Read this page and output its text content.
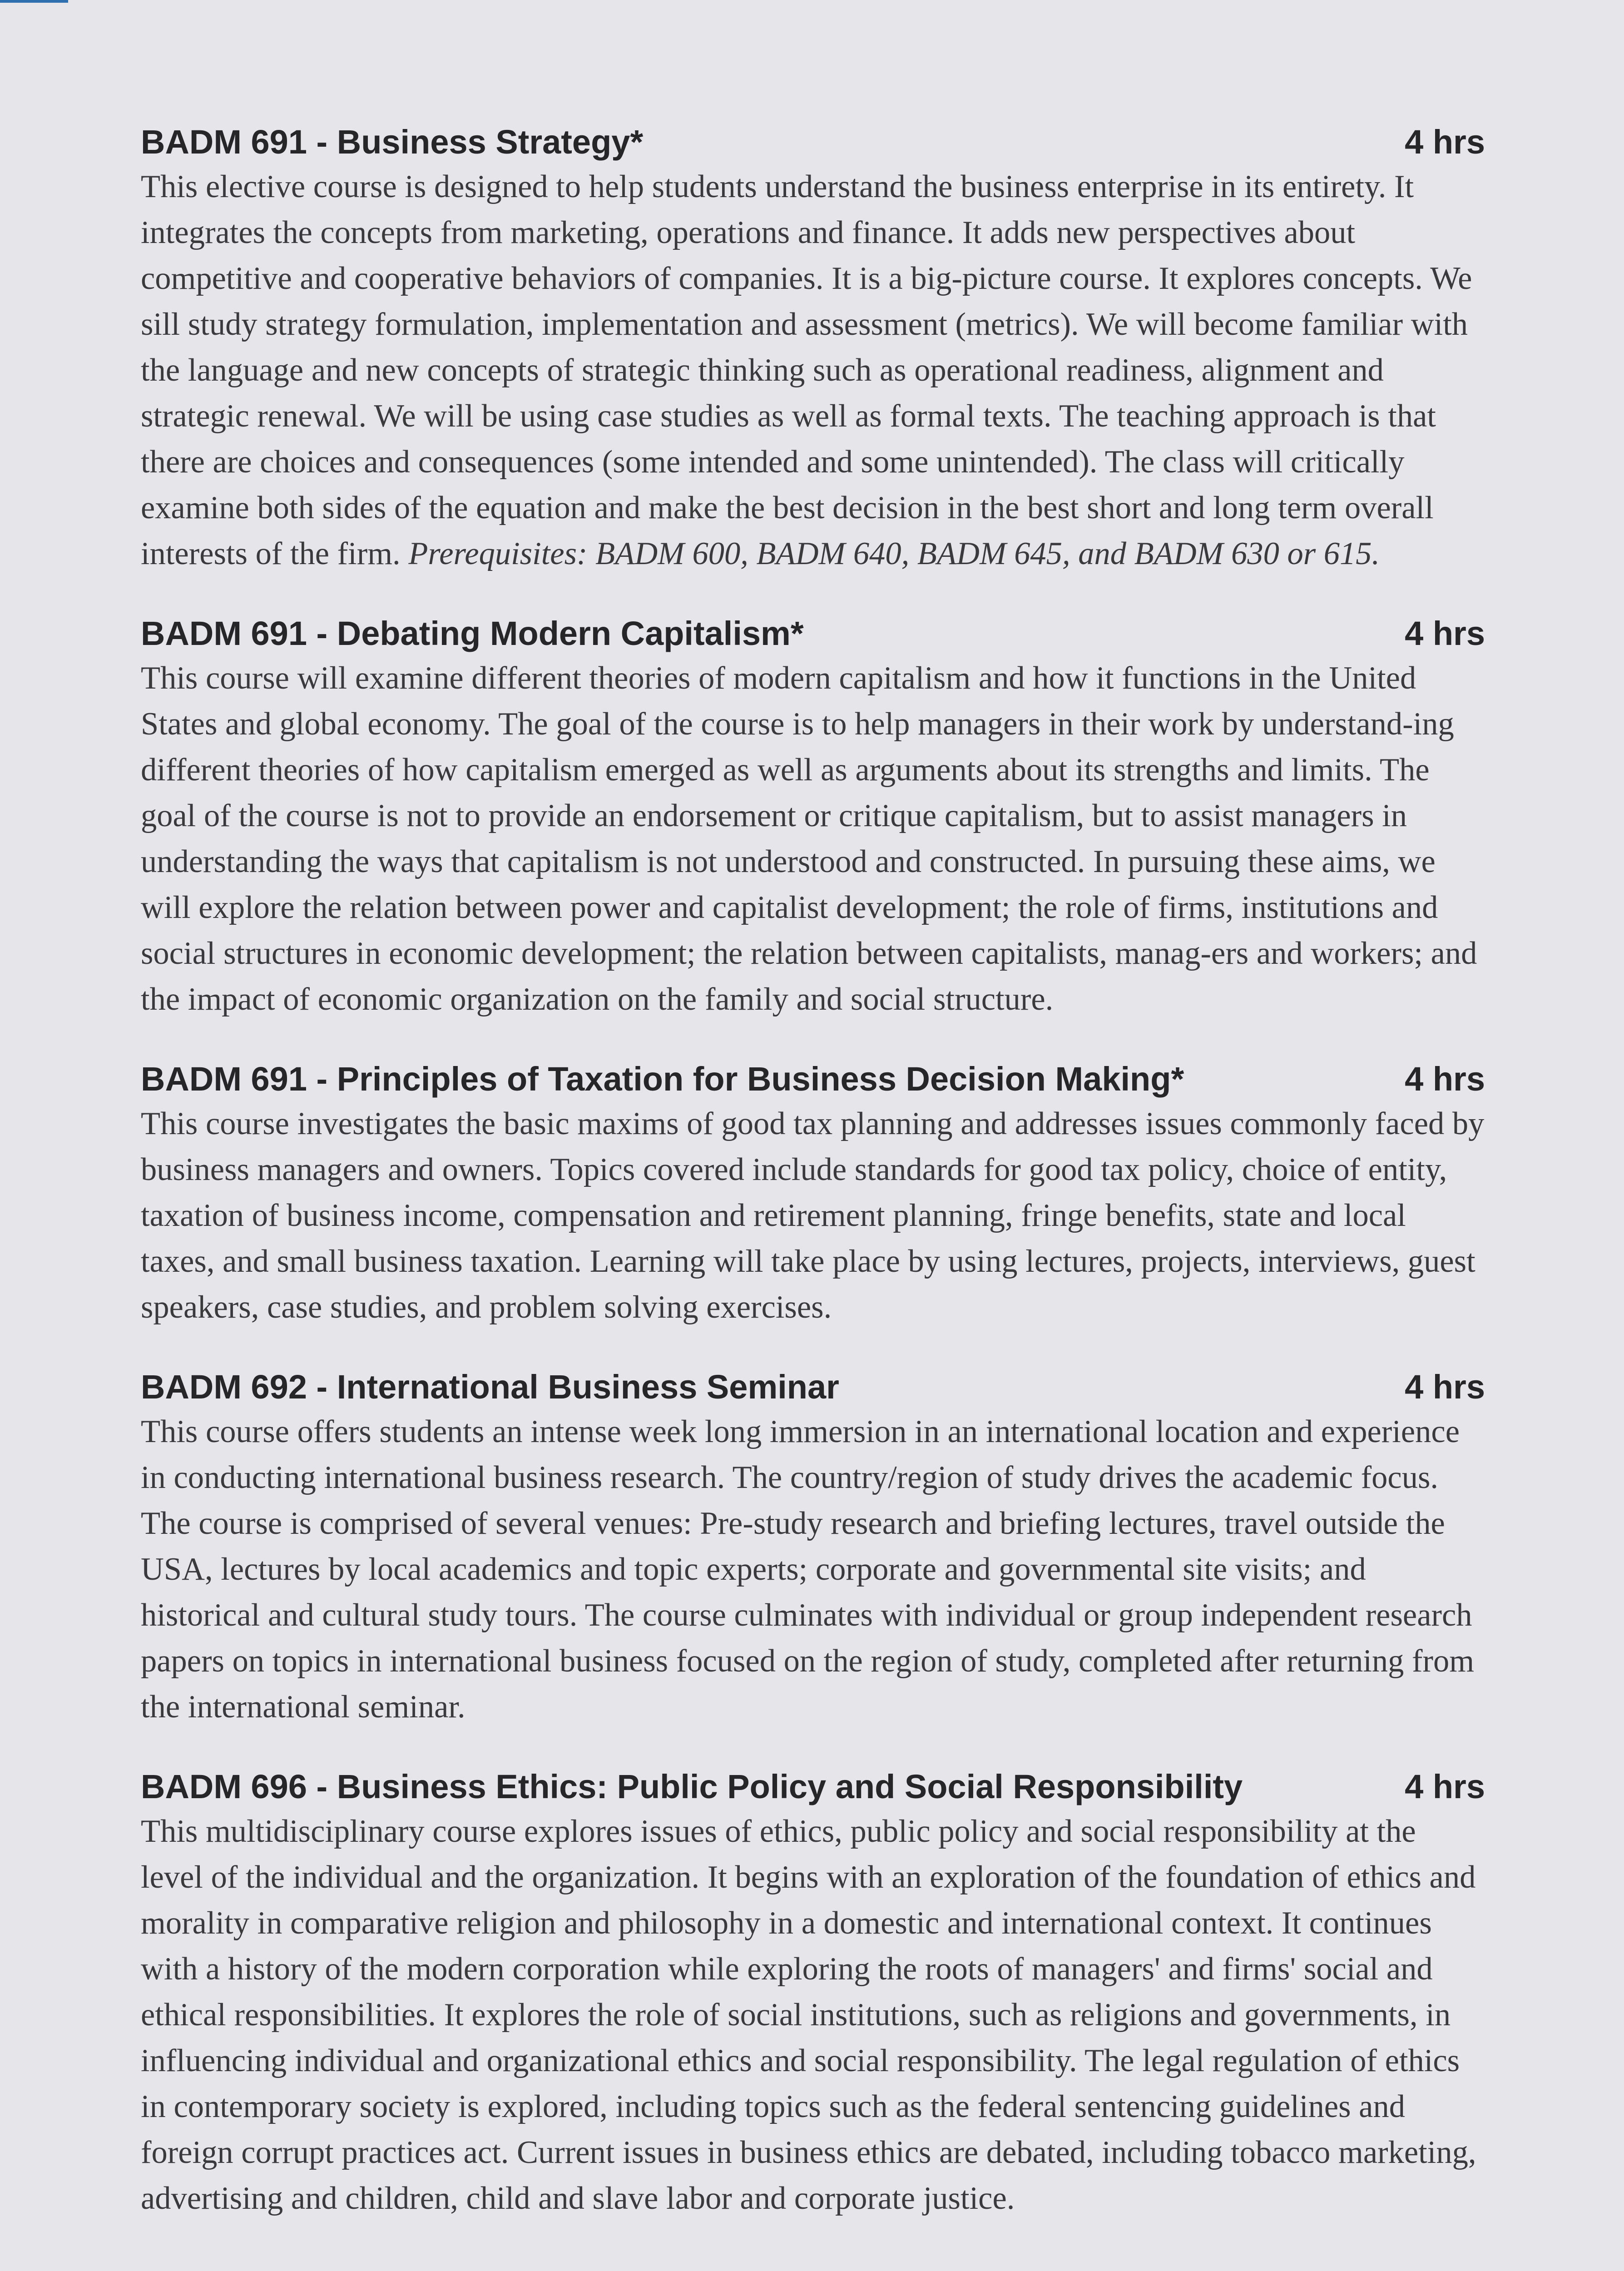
BADM 691 - Business Strategy*	4 hrs

This elective course is designed to help students understand the business enterprise in its entirety. It integrates the concepts from marketing, operations and finance. It adds new perspectives about competitive and cooperative behaviors of companies. It is a big-picture course. It explores concepts. We sill study strategy formulation, implementation and assessment (metrics). We will become familiar with the language and new concepts of strategic thinking such as operational readiness, alignment and strategic renewal. We will be using case studies as well as formal texts. The teaching approach is that there are choices and consequences (some intended and some unintended). The class will critically examine both sides of the equation and make the best decision in the best short and long term overall interests of the firm. Prerequisites: BADM 600, BADM 640, BADM 645, and BADM 630 or 615.

BADM 691 - Debating Modern Capitalism*	4 hrs

This course will examine different theories of modern capitalism and how it functions in the United States and global economy. The goal of the course is to help managers in their work by understand-ing different theories of how capitalism emerged as well as arguments about its strengths and limits. The goal of the course is not to provide an endorsement or critique capitalism, but to assist managers in understanding the ways that capitalism is not understood and constructed. In pursuing these aims, we will explore the relation between power and capitalist development; the role of firms, institutions and social structures in economic development; the relation between capitalists, manag-ers and workers; and the impact of economic organization on the family and social structure.

BADM 691 - Principles of Taxation for Business Decision Making*	4 hrs

This course investigates the basic maxims of good tax planning and addresses issues commonly faced by business managers and owners. Topics covered include standards for good tax policy, choice of entity, taxation of business income, compensation and retirement planning, fringe benefits, state and local taxes, and small business taxation. Learning will take place by using lectures, projects, interviews, guest speakers, case studies, and problem solving exercises.

BADM 692 - International Business Seminar	4 hrs

This course offers students an intense week long immersion in an international location and experience in conducting international business research. The country/region of study drives the academic focus. The course is comprised of several venues: Pre-study research and briefing lectures, travel outside the USA, lectures by local academics and topic experts; corporate and governmental site visits; and historical and cultural study tours. The course culminates with individual or group independent research papers on topics in international business focused on the region of study, completed after returning from the international seminar.

BADM 696 - Business Ethics: Public Policy and Social Responsibility	4 hrs

This multidisciplinary course explores issues of ethics, public policy and social responsibility at the level of the individual and the organization. It begins with an exploration of the foundation of ethics and morality in comparative religion and philosophy in a domestic and international context. It continues with a history of the modern corporation while exploring the roots of managers' and firms' social and ethical responsibilities. It explores the role of social institutions, such as religions and governments, in influencing individual and organizational ethics and social responsibility. The legal regulation of ethics in contemporary society is explored, including topics such as the federal sentencing guidelines and foreign corrupt practices act. Current issues in business ethics are debated, including tobacco marketing, advertising and children, child and slave labor and corporate justice.
